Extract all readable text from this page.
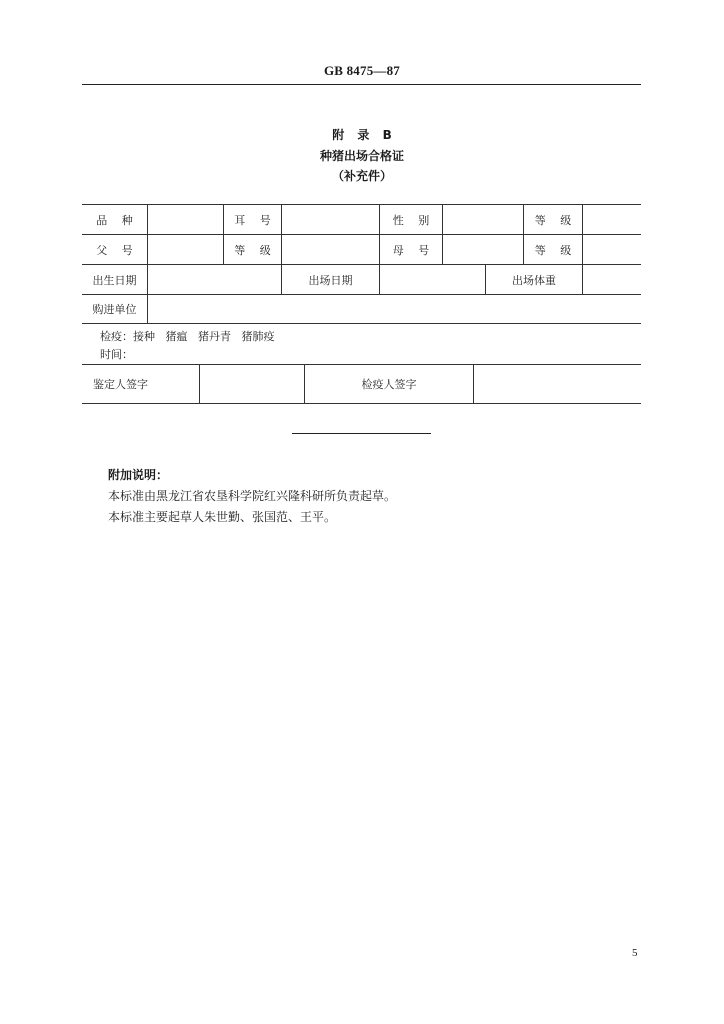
GB 8475—87
附 录 B
种猪出场合格证
（补充件）
品 种	耳 号	性 别	等 级
父 号	等 级	母 号	等 级
出生日期	出场日期	出场体重
购进单位
检疫：接种 猪瘟 猪丹青 猪肺疫
时间：
鉴定人签字	检疫人签字
附加说明：
本标准由黑龙江省农垦科学院红兴隆科研所负责起草。
本标准主要起草人朱世勤、张国范、王平。
5
